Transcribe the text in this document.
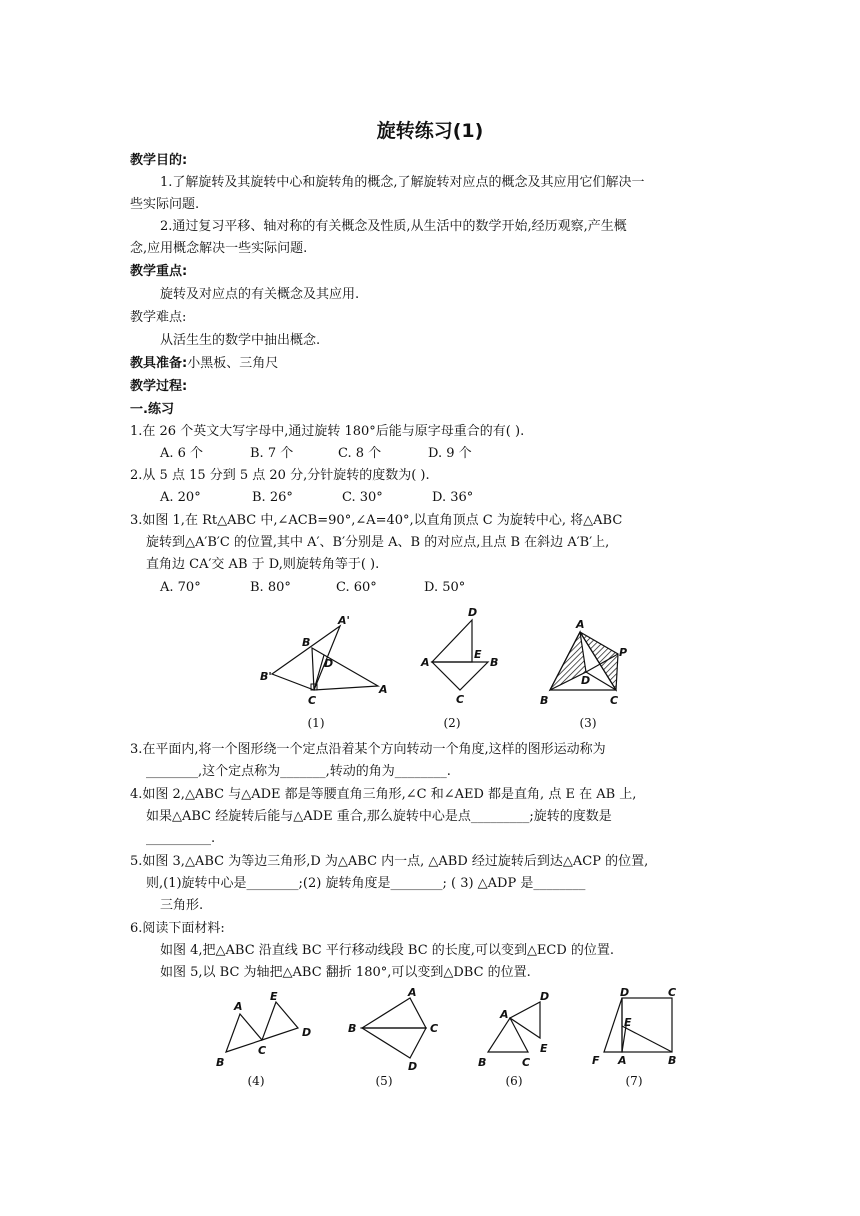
旋转练习(1)
教学目的:
1.了解旋转及其旋转中心和旋转角的概念,了解旋转对应点的概念及其应用它们解决一
些实际问题.
2.通过复习平移、轴对称的有关概念及性质,从生活中的数学开始,经历观察,产生概
念,应用概念解决一些实际问题.
教学重点:
旋转及对应点的有关概念及其应用.
教学难点:
从活生生的数学中抽出概念.
教具准备:小黑板、三角尺
教学过程:
一.练习
1.在 26 个英文大写字母中,通过旋转 180°后能与原字母重合的有( ).
A. 6 个	B. 7 个	C. 8 个	D. 9 个
2.从 5 点 15 分到 5 点 20 分,分针旋转的度数为( ).
A. 20°	B. 26°	C. 30°	D. 36°
3.如图 1,在 Rt△ABC 中,∠ACB=90°,∠A=40°,以直角顶点 C 为旋转中心, 将△ABC
旋转到△A′B′C 的位置,其中 A′、B′分别是 A、B 的对应点,且点 B 在斜边 A′B′上,
直角边 CA′交 AB 于 D,则旋转角等于( ).
A. 70°	B. 80°	C. 60°	D. 50°
A'
B
B'
D
C
A
D
A
E
B
C
A
P
D
B	C
(1)	(2)	(3)
3.在平面内,将一个图形绕一个定点沿着某个方向转动一个角度,这样的图形运动称为
________,这个定点称为_______,转动的角为________.
4.如图 2,△ABC 与△ADE 都是等腰直角三角形,∠C 和∠AED 都是直角, 点 E 在 AB 上,
如果△ABC 经旋转后能与△ADE 重合,那么旋转中心是点_________;旋转的度数是
__________.
5.如图 3,△ABC 为等边三角形,D 为△ABC 内一点, △ABD 经过旋转后到达△ACP 的位置,
则,(1)旋转中心是________;(2) 旋转角度是________; ( 3) △ADP 是________
三角形.
6.阅读下面材料:
如图 4,把△ABC 沿直线 BC 平行移动线段 BC 的长度,可以变到△ECD 的位置.
如图 5,以 BC 为轴把△ABC 翻折 180°,可以变到△DBC 的位置.
A
E
D
C
B
A
B	C
D
A
D
E
B	C
D	C
E
F A	B
(4)	(5)	(6)	(7)
